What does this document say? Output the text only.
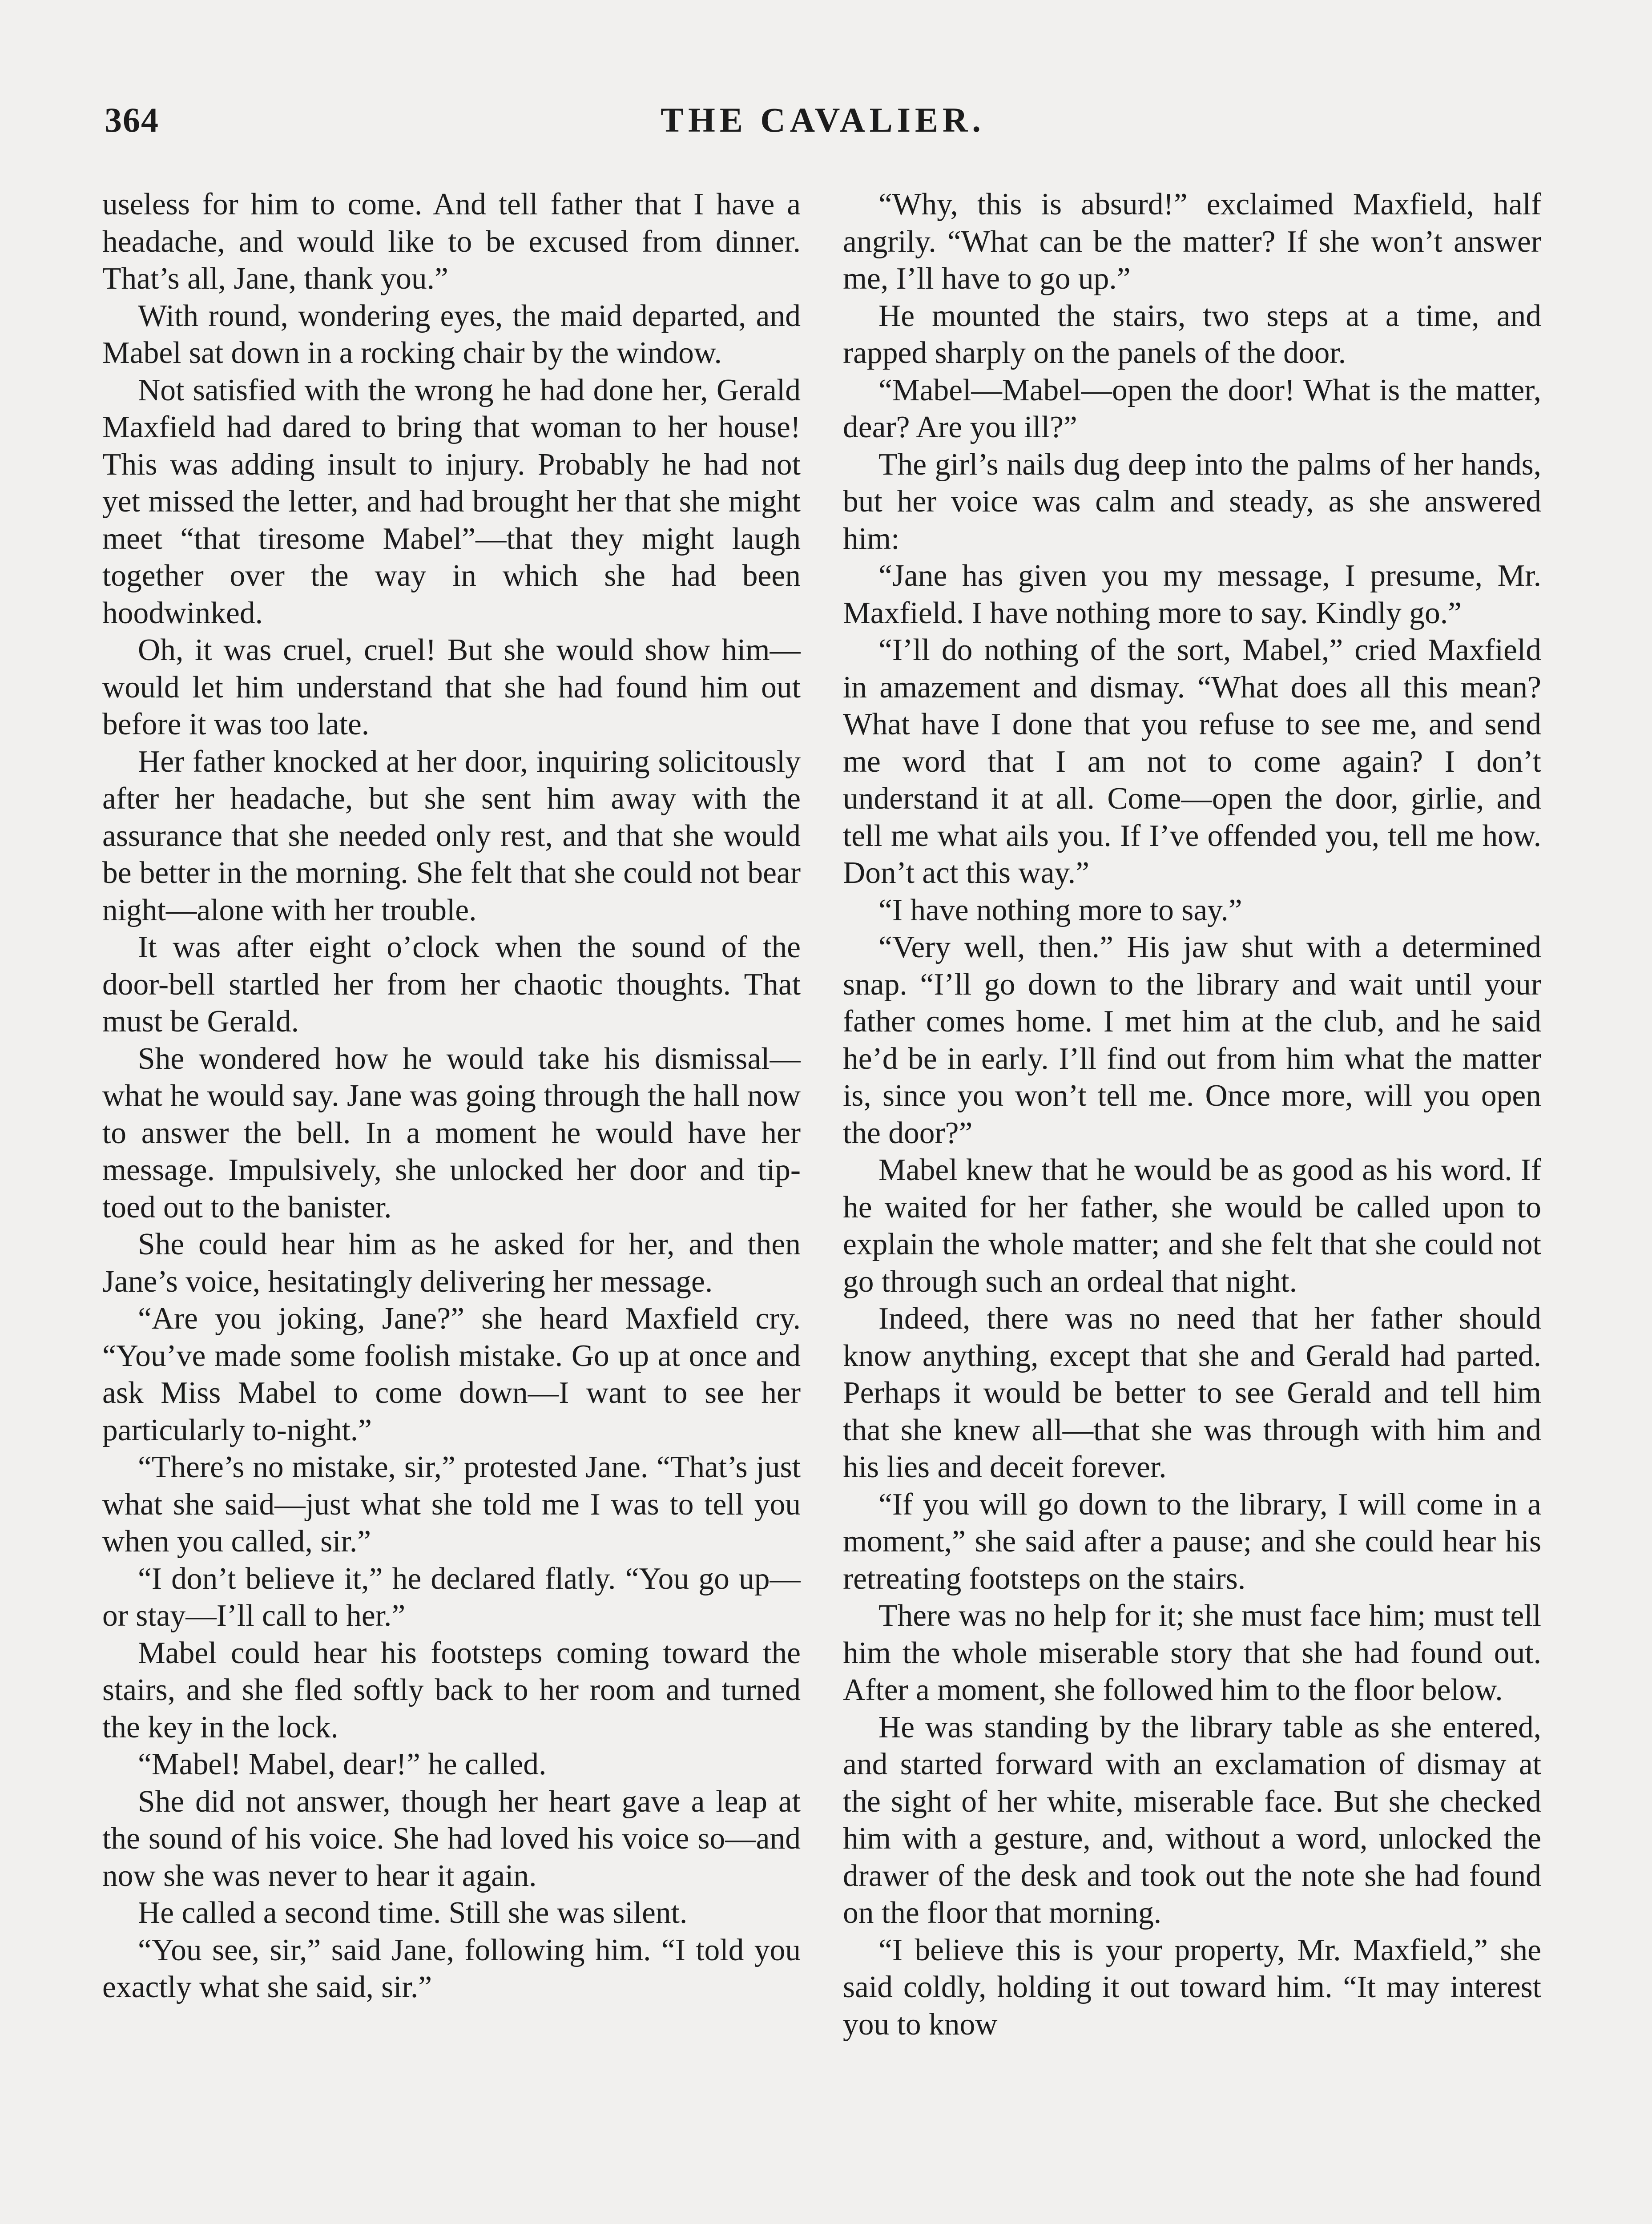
364	THE CAVALIER.

useless for him to come. And tell father that I have a headache, and would like to be excused from dinner. That’s all, Jane, thank you.”

With round, wondering eyes, the maid departed, and Mabel sat down in a rocking chair by the window.

Not satisfied with the wrong he had done her, Gerald Maxfield had dared to bring that woman to her house! This was adding insult to injury. Probably he had not yet missed the letter, and had brought her that she might meet “that tiresome Mabel”—that they might laugh together over the way in which she had been hoodwinked.

Oh, it was cruel, cruel! But she would show him—would let him understand that she had found him out before it was too late.

Her father knocked at her door, inquiring solicitously after her headache, but she sent him away with the assurance that she needed only rest, and that she would be better in the morning. She felt that she could not bear night—alone with her trouble.

It was after eight o’clock when the sound of the door-bell startled her from her chaotic thoughts. That must be Gerald.

She wondered how he would take his dismissal—what he would say. Jane was going through the hall now to answer the bell. In a moment he would have her message. Impulsively, she unlocked her door and tiptoed out to the banister.

She could hear him as he asked for her, and then Jane’s voice, hesitatingly delivering her message.

“Are you joking, Jane?” she heard Maxfield cry. “You’ve made some foolish mistake. Go up at once and ask Miss Mabel to come down—I want to see her particularly to-night.”

“There’s no mistake, sir,” protested Jane. “That’s just what she said—just what she told me I was to tell you when you called, sir.”

“I don’t believe it,” he declared flatly. “You go up—or stay—I’ll call to her.”

Mabel could hear his footsteps coming toward the stairs, and she fled softly back to her room and turned the key in the lock.

“Mabel! Mabel, dear!” he called.

She did not answer, though her heart gave a leap at the sound of his voice. She had loved his voice so—and now she was never to hear it again.

He called a second time. Still she was silent.

“You see, sir,” said Jane, following him. “I told you exactly what she said, sir.”

“Why, this is absurd!” exclaimed Maxfield, half angrily. “What can be the matter? If she won’t answer me, I’ll have to go up.”

He mounted the stairs, two steps at a time, and rapped sharply on the panels of the door.

“Mabel—Mabel—open the door! What is the matter, dear? Are you ill?”

The girl’s nails dug deep into the palms of her hands, but her voice was calm and steady, as she answered him:

“Jane has given you my message, I presume, Mr. Maxfield. I have nothing more to say. Kindly go.”

“I’ll do nothing of the sort, Mabel,” cried Maxfield in amazement and dismay. “What does all this mean? What have I done that you refuse to see me, and send me word that I am not to come again? I don’t understand it at all. Come—open the door, girlie, and tell me what ails you. If I’ve offended you, tell me how. Don’t act this way.”

“I have nothing more to say.”

“Very well, then.” His jaw shut with a determined snap. “I’ll go down to the library and wait until your father comes home. I met him at the club, and he said he’d be in early. I’ll find out from him what the matter is, since you won’t tell me. Once more, will you open the door?”

Mabel knew that he would be as good as his word. If he waited for her father, she would be called upon to explain the whole matter; and she felt that she could not go through such an ordeal that night.

Indeed, there was no need that her father should know anything, except that she and Gerald had parted. Perhaps it would be better to see Gerald and tell him that she knew all—that she was through with him and his lies and deceit forever.

“If you will go down to the library, I will come in a moment,” she said after a pause; and she could hear his retreating footsteps on the stairs.

There was no help for it; she must face him; must tell him the whole miserable story that she had found out. After a moment, she followed him to the floor below.

He was standing by the library table as she entered, and started forward with an exclamation of dismay at the sight of her white, miserable face. But she checked him with a gesture, and, without a word, unlocked the drawer of the desk and took out the note she had found on the floor that morning.

“I believe this is your property, Mr. Maxfield,” she said coldly, holding it out toward him. “It may interest you to know
